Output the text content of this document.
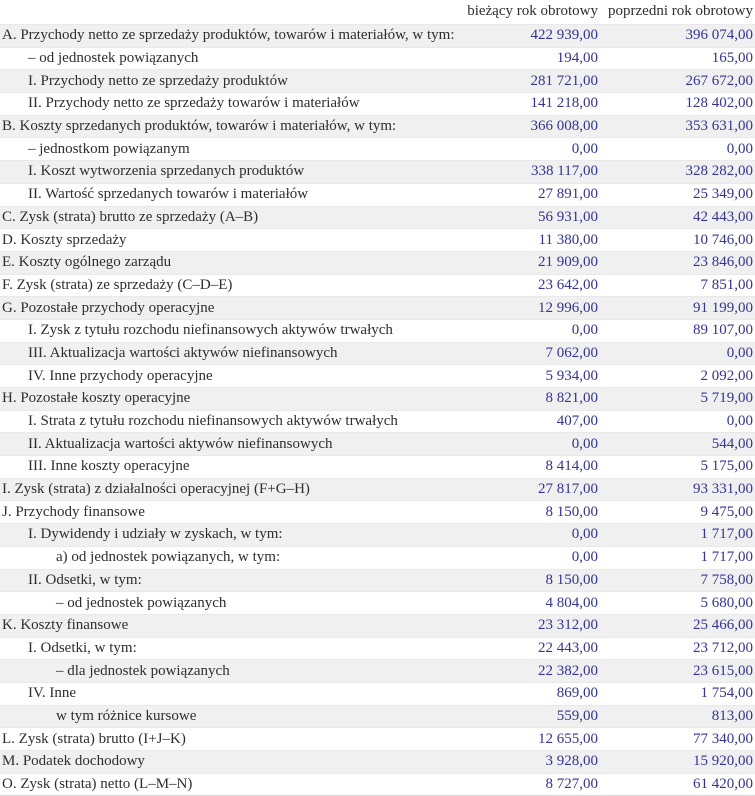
	bieżący rok obrotowy	poprzedni rok obrotowy
A. Przychody netto ze sprzedaży produktów, towarów i materiałów, w tym:	422 939,00	396 074,00
– od jednostek powiązanych	194,00	165,00
I. Przychody netto ze sprzedaży produktów	281 721,00	267 672,00
II. Przychody netto ze sprzedaży towarów i materiałów	141 218,00	128 402,00
B. Koszty sprzedanych produktów, towarów i materiałów, w tym:	366 008,00	353 631,00
– jednostkom powiązanym	0,00	0,00
I. Koszt wytworzenia sprzedanych produktów	338 117,00	328 282,00
II. Wartość sprzedanych towarów i materiałów	27 891,00	25 349,00
C. Zysk (strata) brutto ze sprzedaży (A–B)	56 931,00	42 443,00
D. Koszty sprzedaży	11 380,00	10 746,00
E. Koszty ogólnego zarządu	21 909,00	23 846,00
F. Zysk (strata) ze sprzedaży (C–D–E)	23 642,00	7 851,00
G. Pozostałe przychody operacyjne	12 996,00	91 199,00
I. Zysk z tytułu rozchodu niefinansowych aktywów trwałych	0,00	89 107,00
III. Aktualizacja wartości aktywów niefinansowych	7 062,00	0,00
IV. Inne przychody operacyjne	5 934,00	2 092,00
H. Pozostałe koszty operacyjne	8 821,00	5 719,00
I. Strata z tytułu rozchodu niefinansowych aktywów trwałych	407,00	0,00
II. Aktualizacja wartości aktywów niefinansowych	0,00	544,00
III. Inne koszty operacyjne	8 414,00	5 175,00
I. Zysk (strata) z działalności operacyjnej (F+G–H)	27 817,00	93 331,00
J. Przychody finansowe	8 150,00	9 475,00
I. Dywidendy i udziały w zyskach, w tym:	0,00	1 717,00
a) od jednostek powiązanych, w tym:	0,00	1 717,00
II. Odsetki, w tym:	8 150,00	7 758,00
– od jednostek powiązanych	4 804,00	5 680,00
K. Koszty finansowe	23 312,00	25 466,00
I. Odsetki, w tym:	22 443,00	23 712,00
– dla jednostek powiązanych	22 382,00	23 615,00
IV. Inne	869,00	1 754,00
w tym różnice kursowe	559,00	813,00
L. Zysk (strata) brutto (I+J–K)	12 655,00	77 340,00
M. Podatek dochodowy	3 928,00	15 920,00
O. Zysk (strata) netto (L–M–N)	8 727,00	61 420,00
